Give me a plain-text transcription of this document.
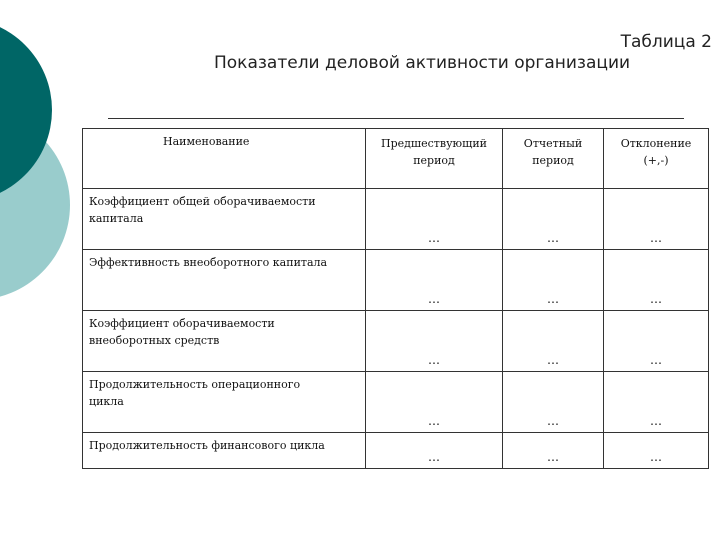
Таблица 2
Показатели деловой активности организации
Наименование		Предшествующий период	Отчетный период	Отклонение (+,-)

Коэффициент общей оборачиваемости капитала		…	…	…

Эффективность внеоборотного капитала		…	…	…

Коэффициент оборачиваемости внеоборотных средств		…	…	…

Продолжительность операционного цикла		…	…	…

Продолжительность финансового цикла		…	…	…
